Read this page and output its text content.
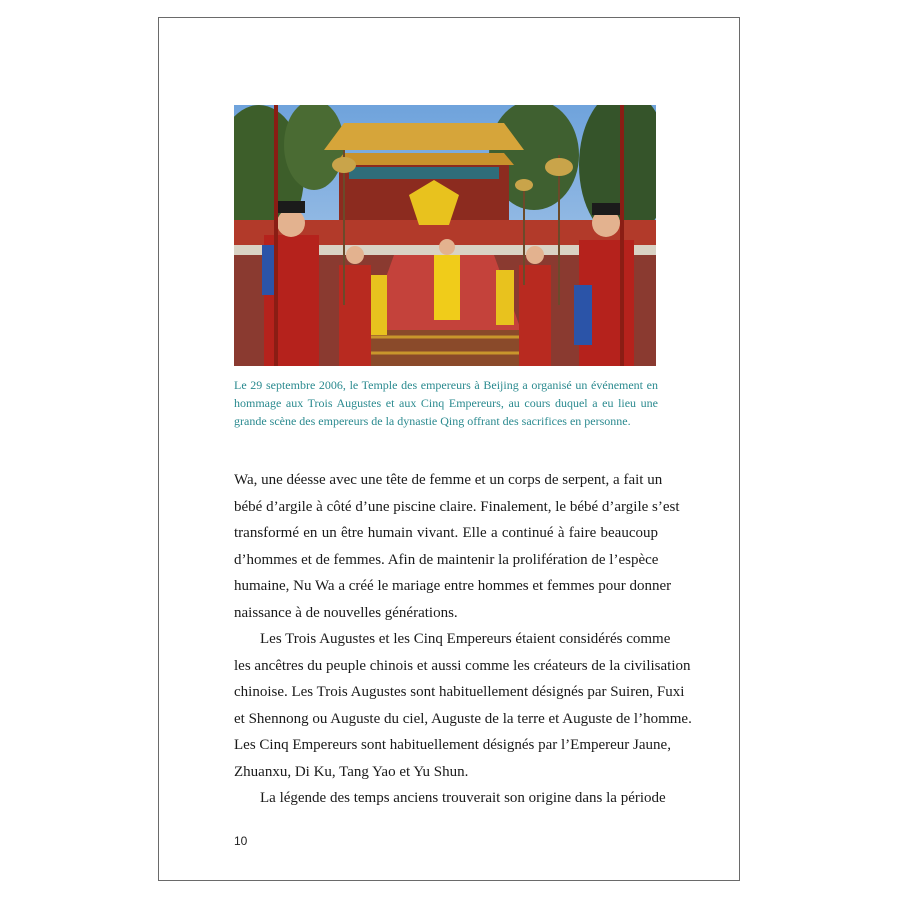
Le 29 septembre 2006, le Temple des empereurs à Beijing a organisé un événement en
hommage aux Trois Augustes et aux Cinq Empereurs, au cours duquel a eu lieu une
grande scène des empereurs de la dynastie Qing offrant des sacrifices en personne.

Wa, une déesse avec une tête de femme et un corps de serpent, a fait un
bébé d’argile à côté d’une piscine claire. Finalement, le bébé d’argile s’est
transformé en un être humain vivant. Elle a continué à faire beaucoup
d’hommes et de femmes. Afin de maintenir la prolifération de l’espèce
humaine, Nu Wa a créé le mariage entre hommes et femmes pour donner
naissance à de nouvelles générations.

Les Trois Augustes et les Cinq Empereurs étaient considérés comme
les ancêtres du peuple chinois et aussi comme les créateurs de la civilisation
chinoise. Les Trois Augustes sont habituellement désignés par Suiren, Fuxi
et Shennong ou Auguste du ciel, Auguste de la terre et Auguste de l’homme.
Les Cinq Empereurs sont habituellement désignés par l’Empereur Jaune,
Zhuanxu, Di Ku, Tang Yao et Yu Shun.

La légende des temps anciens trouverait son origine dans la période

10
